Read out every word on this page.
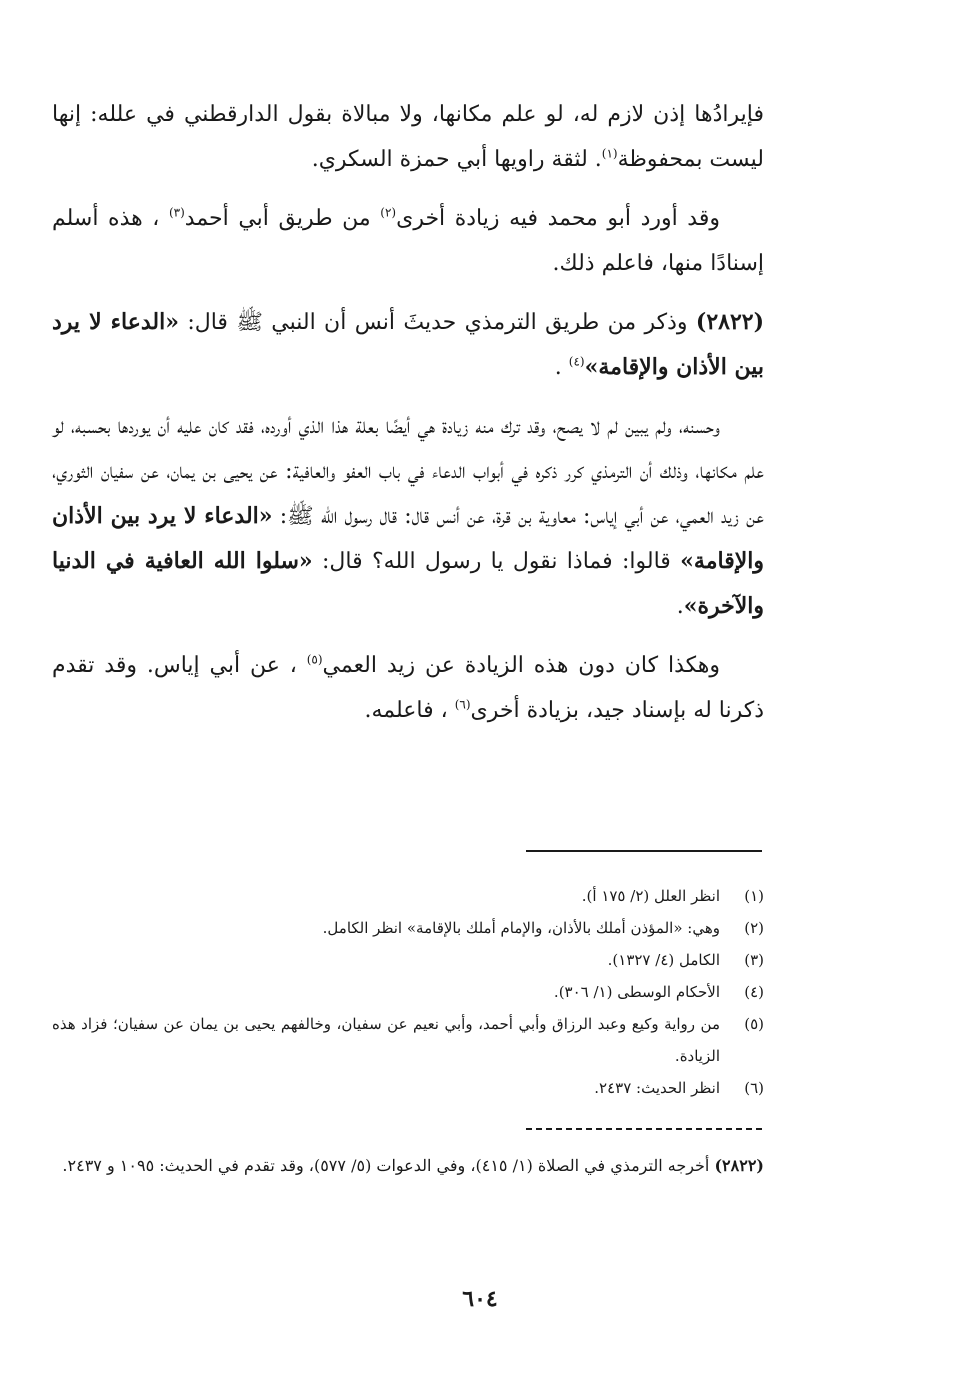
فإيرادُها إذن لازم له، لو علم مكانها، ولا مبالاة بقول الدارقطني في علله: إنها ليست بمحفوظة$^{(١)}$. لثقة راويها أبي حمزة السكري.

وقد أورد أبو محمد فيه زيادة أخرى$^{(٢)}$ من طريق أبي أحمد$^{(٣)}$ ، هذه أسلم إسنادًا منها، فاعلم ذلك.

(٢٨٢٢) وذكر من طريق الترمذي حديثَ أنس أن النبي ﷺ قال: «الدعاء لا يرد بين الأذان والإقامة»$^{(٤)}$ .

وحسنه، ولم يبين لم لا يصح، وقد ترك منه زيادة هي أيضًا بعلة هذا الذي أورده، فقد كان عليه أن يوردها بحسبه، لو علم مكانها، وذلك أن الترمذي كرر ذكره في أبواب الدعاء في باب العفو والعافية: عن يحيى بن يمان، عن سفيان الثوري، عن زيد العمي، عن أبي إياس: معاوية بن قرة، عن أنس قال: قال رسول الله ﷺ: «الدعاء لا يرد بين الأذان والإقامة» قالوا: فماذا نقول يا رسول الله؟ قال: «سلوا الله العافية في الدنيا والآخرة».

وهكذا كان دون هذه الزيادة عن زيد العمي$^{(٥)}$ ، عن أبي إياس. وقد تقدم ذكرنا له بإسناد جيد، بزيادة أخرى$^{(٦)}$ ، فاعلمه.

(١)
انظر العلل (٢/ ١٧٥ أ).
(٢)
وهي: «المؤذن أملك بالأذان، والإمام أملك بالإقامة» انظر الكامل.
(٣)
الكامل (٤/ ١٣٢٧).
(٤)
الأحكام الوسطى (١/ ٣٠٦).
(٥)
من رواية وكيع وعبد الرزاق وأبي أحمد، وأبي نعيم عن سفيان، وخالفهم يحيى بن يمان عن سفيان؛ فزاد هذه الزيادة.
(٦)
انظر الحديث: ٢٤٣٧.
(٢٨٢٢) أخرجه الترمذي في الصلاة (١/ ٤١٥)، وفي الدعوات (٥/ ٥٧٧)، وقد تقدم في الحديث: ١٠٩٥ و ٢٤٣٧.
٦٠٤
